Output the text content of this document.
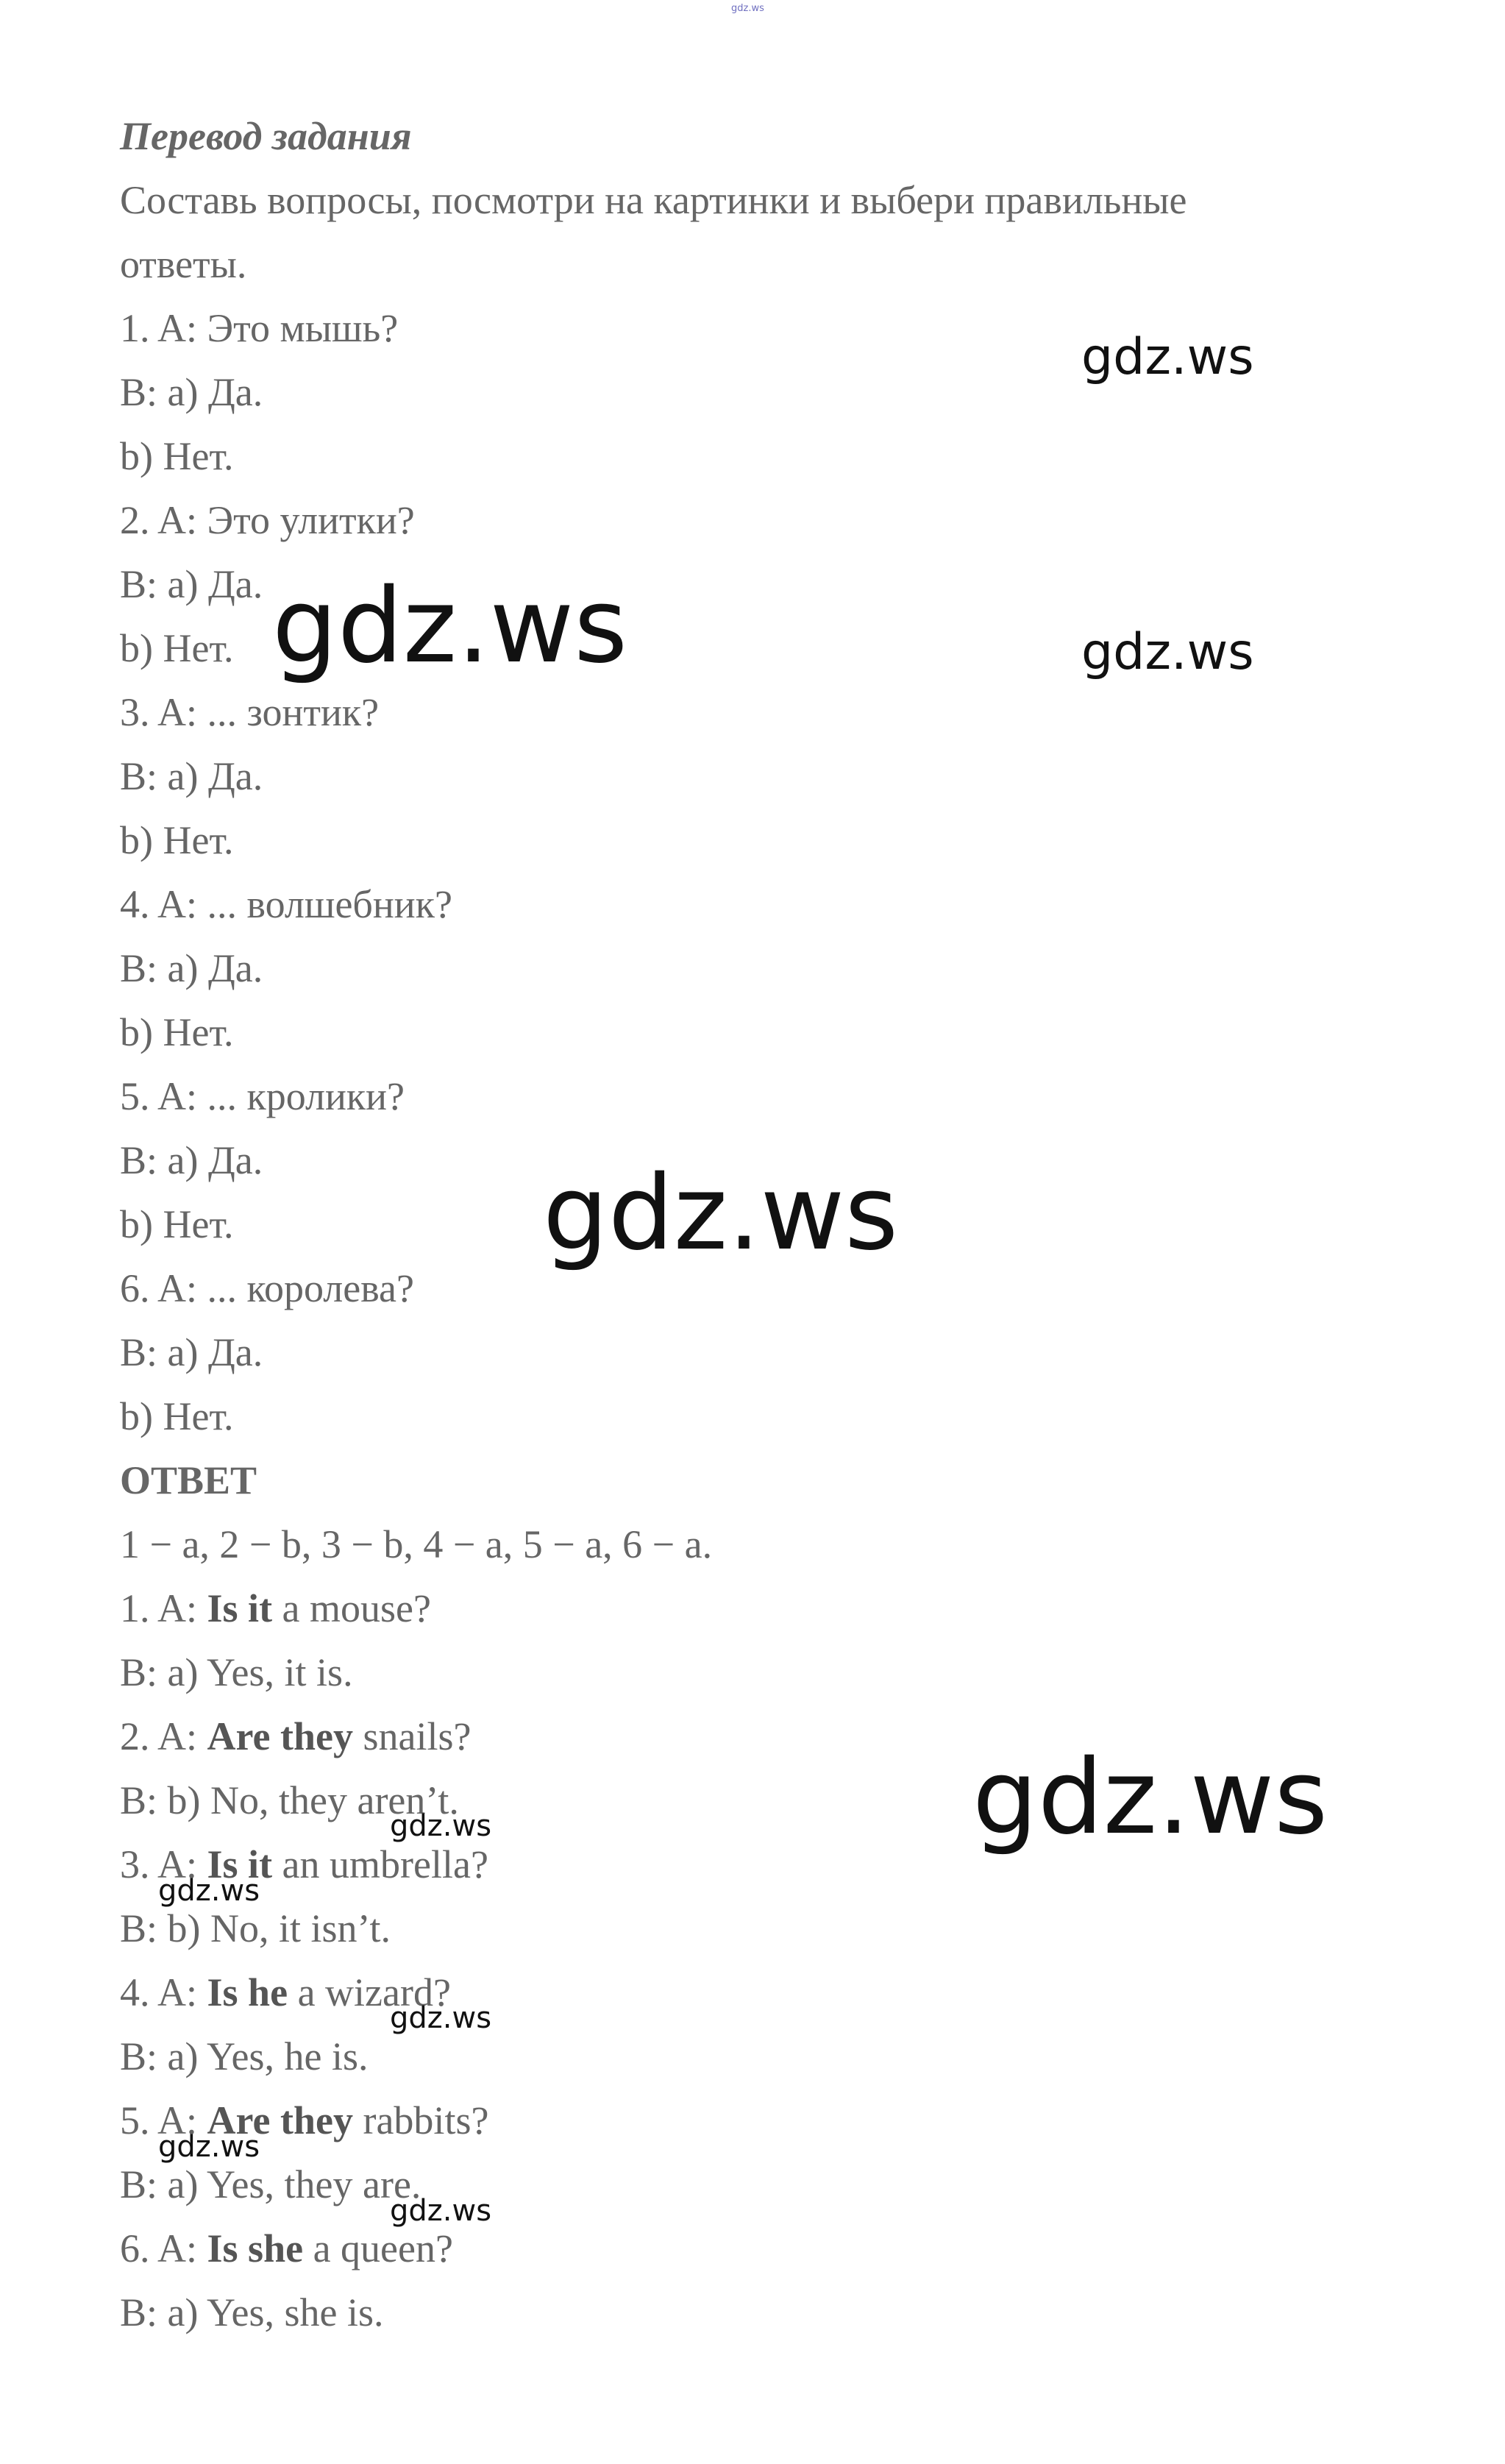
gdz.ws
Перевод задания
Составь вопросы, посмотри на картинки и выбери правильные
ответы.
1. A: Это мышь?
B: a) Да.
b) Нет.
2. A: Это улитки?
B: a) Да.
b) Нет.
3. A: ... зонтик?
B: a) Да.
b) Нет.
4. A: ... волшебник?
B: a) Да.
b) Нет.
5. A: ... кролики?
B: a) Да.
b) Нет.
6. A: ... королева?
B: a) Да.
b) Нет.
ОТВЕТ
1 − a, 2 − b, 3 − b, 4 − a, 5 − a, 6 − a.
1. A: Is it a mouse?
B: a) Yes, it is.
2. A: Are they snails?
B: b) No, they aren’t.
3. A: Is it an umbrella?
B: b) No, it isn’t.
4. A: Is he a wizard?
B: a) Yes, he is.
5. A: Are they rabbits?
B: a) Yes, they are.
6. A: Is she a queen?
B: a) Yes, she is.
gdz.ws
gdz.ws	gdz.ws
gdz.ws
gdz.ws
gdz.ws
gdz.ws
gdz.ws
gdz.ws
gdz.ws
